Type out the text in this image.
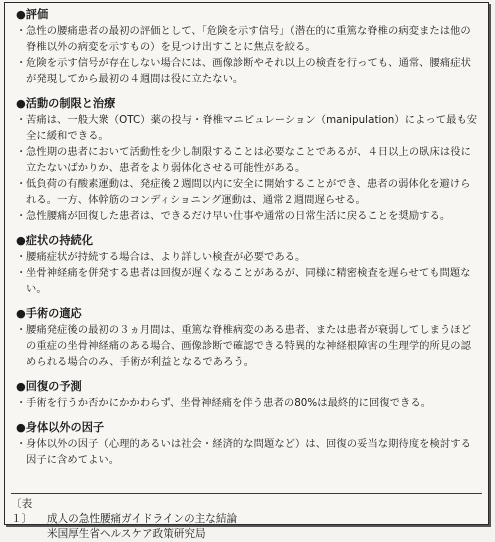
●評価
・ 急性の腰痛患者の最初の評価として、「危険を示す信号」（潜在的に重篤な脊椎の病変または他の脊椎以外の病変を示すもの）を見つけ出すことに焦点を絞る。
・ 危険を示す信号が存在しない場合には、画像診断やそれ以上の検査を行っても、通常、腰痛症状が発現してから最初の４週間は役に立たない。
●活動の制限と治療
・ 苦痛は、一般大衆（OTC）薬の投与・脊椎マニピュレーション（manipulation）によって最も安全に緩和できる。
・ 急性期の患者において活動性を少し制限することは必要なことであるが、４日以上の臥床は役に立たないばかりか、患者をより弱体化させる可能性がある。
・ 低負荷の有酸素運動は、発症後２週間以内に安全に開始することができ、患者の弱体化を避けられる。一方、体幹筋のコンディショニング運動は、通常２週間遅らせる。
・ 急性腰痛が回復した患者は、できるだけ早い仕事や通常の日常生活に戻ることを奨励する。
●症状の持続化
・ 腰痛症状が持続する場合は、より詳しい検査が必要である。
・ 坐骨神経痛を併発する患者は回復が遅くなることがあるが、同様に精密検査を遅らせても問題ない。
●手術の適応
・ 腰痛発症後の最初の３ヵ月間は、重篤な脊椎病変のある患者、または患者が衰弱してしまうほどの重症の坐骨神経痛のある場合、画像診断で確認できる特異的な神経根障害の生理学的所見の認められる場合のみ、手術が利益となるであろう。
●回復の予測
・ 手術を行うか否かにかかわらず、坐骨神経痛を伴う患者の80%は最終的に回復できる。
●身体以外の因子
・ 身体以外の因子（心理的あるいは社会・経済的な問題など）は、回復の妥当な期待度を検討する因子に含めてよい。
〔表１〕 成人の急性腰痛ガイドラインの主な結論
米国厚生省ヘルスケア政策研究局
